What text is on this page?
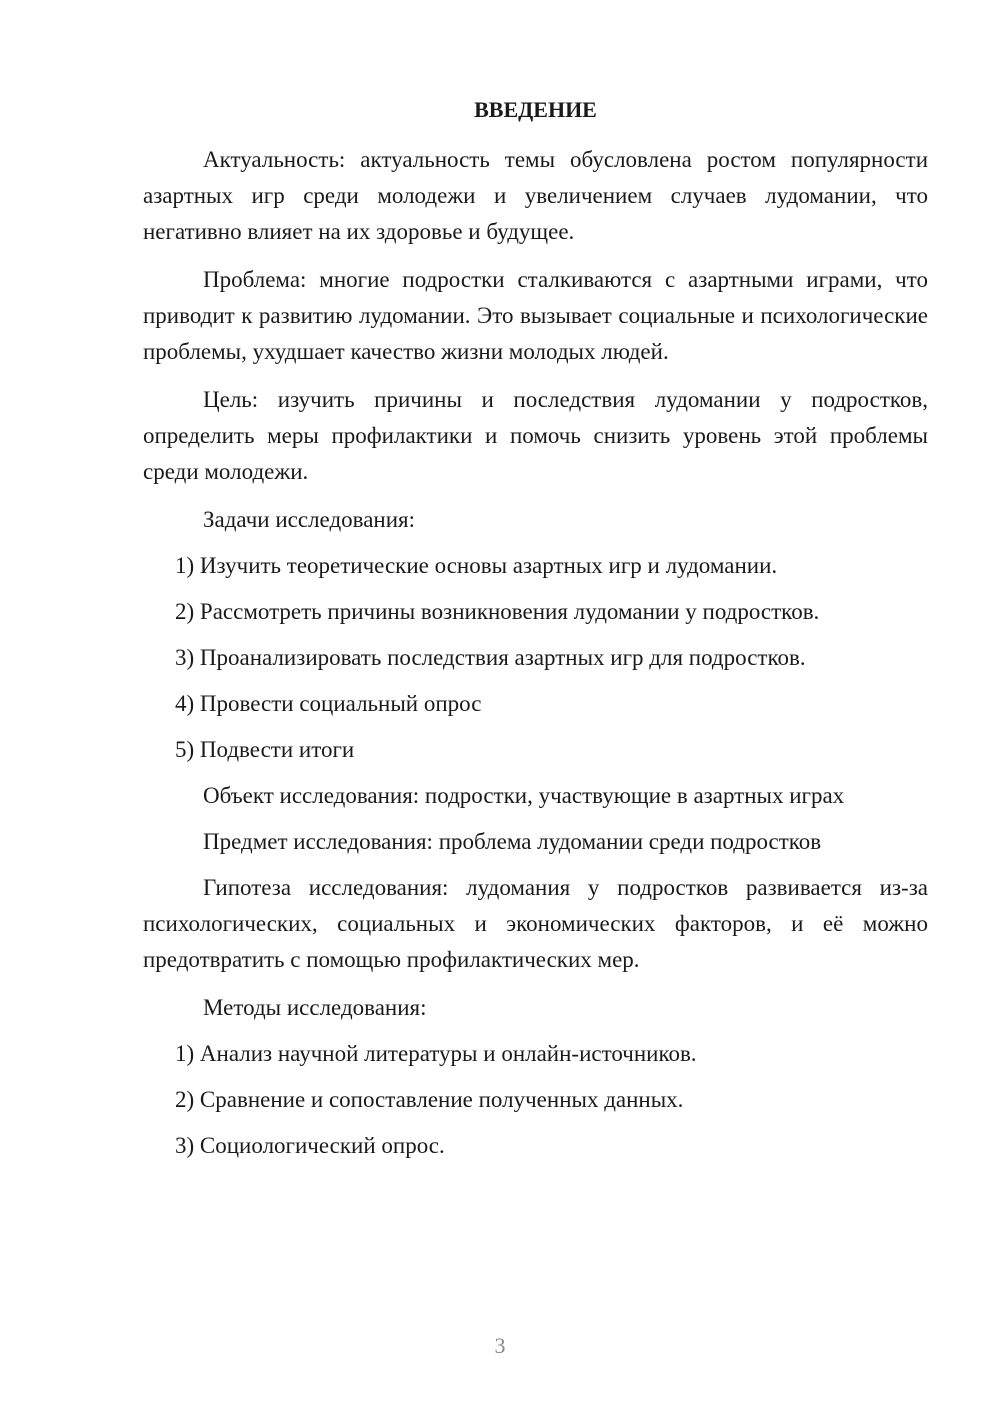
ВВЕДЕНИЕ

Актуальность: актуальность темы обусловлена ростом популярности азартных игр среди молодежи и увеличением случаев лудомании, что негативно влияет на их здоровье и будущее.

Проблема: многие подростки сталкиваются с азартными играми, что приводит к развитию лудомании. Это вызывает социальные и психологические проблемы, ухудшает качество жизни молодых людей.

Цель: изучить причины и последствия лудомании у подростков, определить меры профилактики и помочь снизить уровень этой проблемы среди молодежи.

Задачи исследования:
1) Изучить теоретические основы азартных игр и лудомании.
2) Рассмотреть причины возникновения лудомании у подростков.
3) Проанализировать последствия азартных игр для подростков.
4) Провести социальный опрос
5) Подвести итоги
Объект исследования: подростки, участвующие в азартных играх
Предмет исследования: проблема лудомании среди подростков

Гипотеза исследования: лудомания у подростков развивается из-за психологических, социальных и экономических факторов, и её можно предотвратить с помощью профилактических мер.

Методы исследования:
1) Анализ научной литературы и онлайн-источников.
2) Сравнение и сопоставление полученных данных.
3) Социологический опрос.
3
